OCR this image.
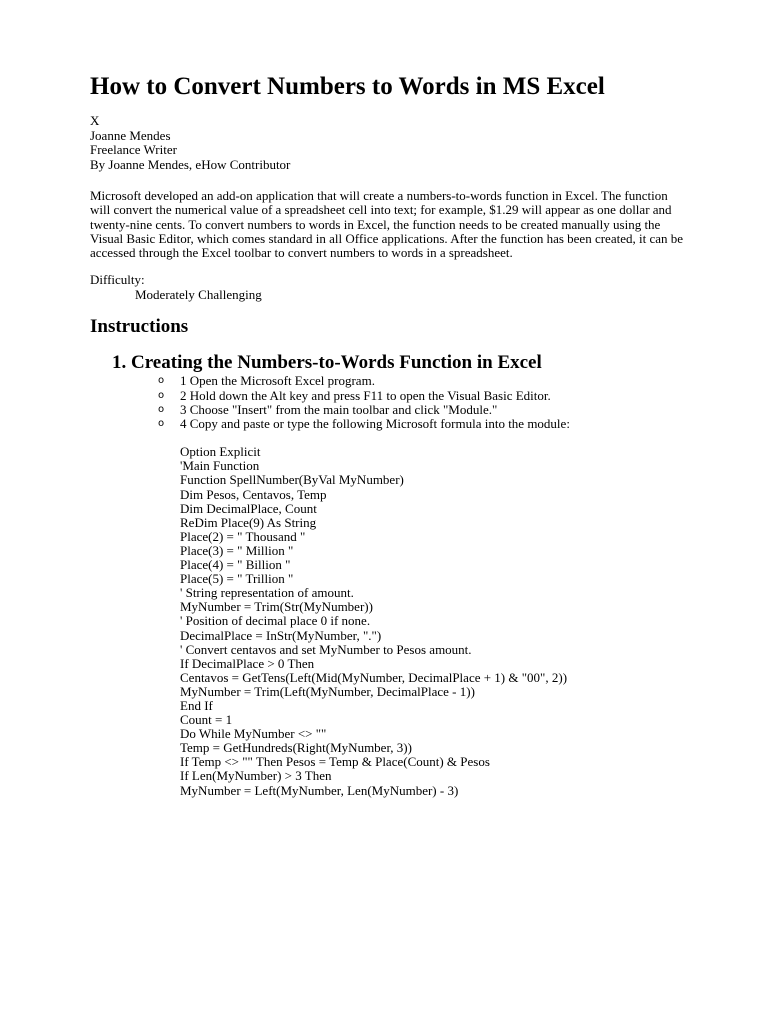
How to Convert Numbers to Words in MS Excel
X
Joanne Mendes
Freelance Writer
By Joanne Mendes, eHow Contributor

Microsoft developed an add-on application that will create a numbers-to-words function in Excel. The function will convert the numerical value of a spreadsheet cell into text; for example, $1.29 will appear as one dollar and twenty-nine cents. To convert numbers to words in Excel, the function needs to be created manually using the Visual Basic Editor, which comes standard in all Office applications. After the function has been created, it can be accessed through the Excel toolbar to convert numbers to words in a spreadsheet.

Difficulty:
Moderately Challenging
Instructions
1. Creating the Numbers-to-Words Function in Excel
o 1 Open the Microsoft Excel program.
o 2 Hold down the Alt key and press F11 to open the Visual Basic Editor.
o 3 Choose "Insert" from the main toolbar and click "Module."
o 4 Copy and paste or type the following Microsoft formula into the module:
Option Explicit
'Main Function
Function SpellNumber(ByVal MyNumber)
Dim Pesos, Centavos, Temp
Dim DecimalPlace, Count
ReDim Place(9) As String
Place(2) = " Thousand "
Place(3) = " Million "
Place(4) = " Billion "
Place(5) = " Trillion "
' String representation of amount.
MyNumber = Trim(Str(MyNumber))
' Position of decimal place 0 if none.
DecimalPlace = InStr(MyNumber, ".")
' Convert centavos and set MyNumber to Pesos amount.
If DecimalPlace > 0 Then
Centavos = GetTens(Left(Mid(MyNumber, DecimalPlace + 1) & "00", 2))
MyNumber = Trim(Left(MyNumber, DecimalPlace - 1))
End If
Count = 1
Do While MyNumber <> ""
Temp = GetHundreds(Right(MyNumber, 3))
If Temp <> "" Then Pesos = Temp & Place(Count) & Pesos
If Len(MyNumber) > 3 Then
MyNumber = Left(MyNumber, Len(MyNumber) - 3)
